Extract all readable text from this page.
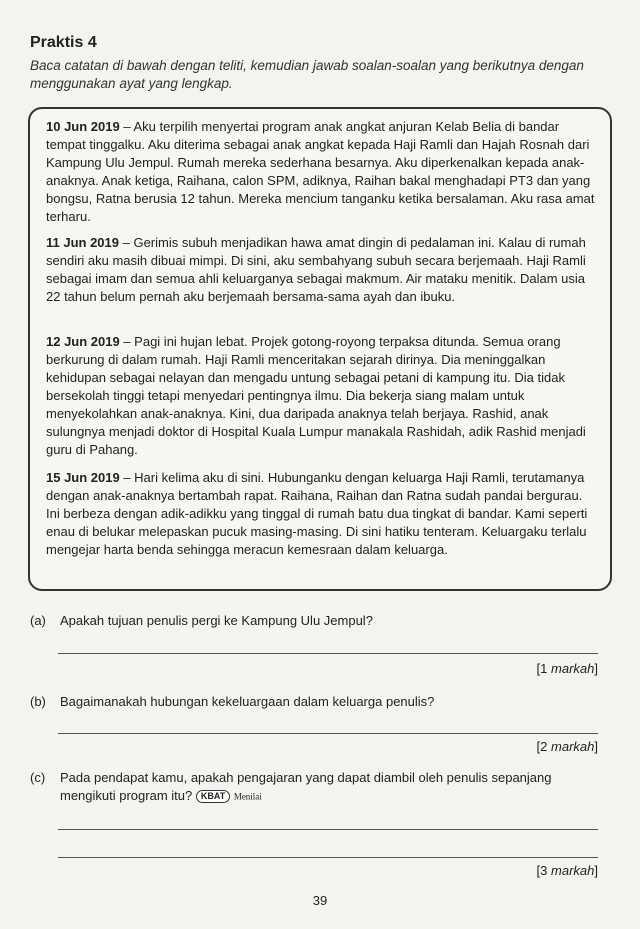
Praktis 4
Baca catatan di bawah dengan teliti, kemudian jawab soalan-soalan yang berikutnya dengan menggunakan ayat yang lengkap.
10 Jun 2019 – Aku terpilih menyertai program anak angkat anjuran Kelab Belia di bandar tempat tinggalku. Aku diterima sebagai anak angkat kepada Haji Ramli dan Hajah Rosnah dari Kampung Ulu Jempul. Rumah mereka sederhana besarnya. Aku diperkenalkan kepada anak-anaknya. Anak ketiga, Raihana, calon SPM, adiknya, Raihan bakal menghadapi PT3 dan yang bongsu, Ratna berusia 12 tahun. Mereka mencium tanganku ketika bersalaman. Aku rasa amat terharu.
11 Jun 2019 – Gerimis subuh menjadikan hawa amat dingin di pedalaman ini. Kalau di rumah sendiri aku masih dibuai mimpi. Di sini, aku sembahyang subuh secara berjemaah. Haji Ramli sebagai imam dan semua ahli keluarganya sebagai makmum. Air mataku menitik. Dalam usia 22 tahun belum pernah aku berjemaah bersama-sama ayah dan ibuku.
12 Jun 2019 – Pagi ini hujan lebat. Projek gotong-royong terpaksa ditunda. Semua orang berkurung di dalam rumah. Haji Ramli menceritakan sejarah dirinya. Dia meninggalkan kehidupan sebagai nelayan dan mengadu untung sebagai petani di kampung itu. Dia tidak bersekolah tinggi tetapi menyedari pentingnya ilmu. Dia bekerja siang malam untuk menyekolahkan anak-anaknya. Kini, dua daripada anaknya telah berjaya. Rashid, anak sulungnya menjadi doktor di Hospital Kuala Lumpur manakala Rashidah, adik Rashid menjadi guru di Pahang.
15 Jun 2019 – Hari kelima aku di sini. Hubunganku dengan keluarga Haji Ramli, terutamanya dengan anak-anaknya bertambah rapat. Raihana, Raihan dan Ratna sudah pandai bergurau. Ini berbeza dengan adik-adikku yang tinggal di rumah batu dua tingkat di bandar. Kami seperti enau di belukar melepaskan pucuk masing-masing. Di sini hatiku tenteram. Keluargaku terlalu mengejar harta benda sehingga meracun kemesraan dalam keluarga.
(a) Apakah tujuan penulis pergi ke Kampung Ulu Jempul?
[1 markah]
(b) Bagaimanakah hubungan kekeluargaan dalam keluarga penulis?
[2 markah]
(c) Pada pendapat kamu, apakah pengajaran yang dapat diambil oleh penulis sepanjang mengikuti program itu? KBAT Menilai
[3 markah]
39
